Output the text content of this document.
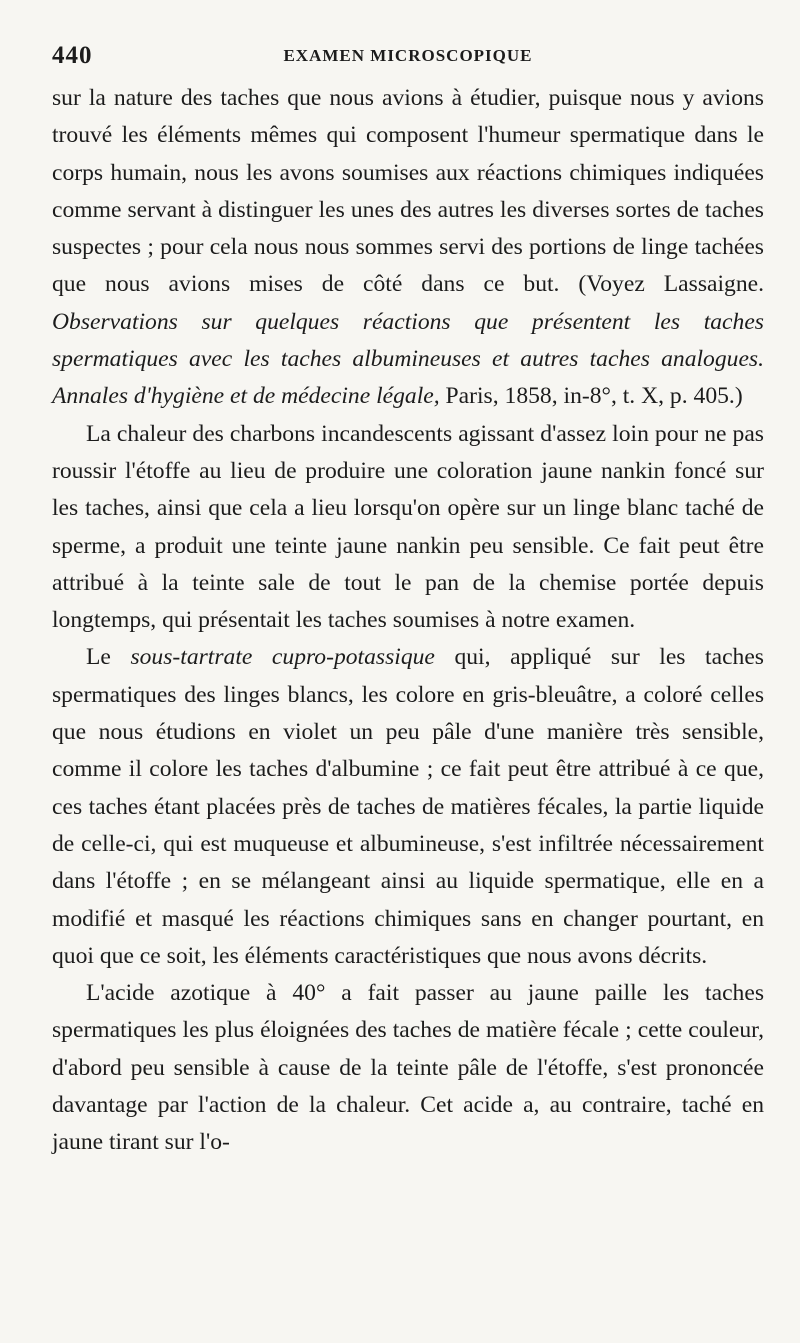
440	EXAMEN MICROSCOPIQUE

sur la nature des taches que nous avions à étudier, puisque nous y avions trouvé les éléments mêmes qui composent l'humeur spermatique dans le corps humain, nous les avons soumises aux réactions chimiques indiquées comme servant à distinguer les unes des autres les diverses sortes de taches suspectes ; pour cela nous nous sommes servi des portions de linge tachées que nous avions mises de côté dans ce but. (Voyez Lassaigne. Observations sur quelques réactions que présentent les taches spermatiques avec les taches albumineuses et autres taches analogues. Annales d'hygiène et de médecine légale, Paris, 1858, in-8°, t. X, p. 405.)

La chaleur des charbons incandescents agissant d'assez loin pour ne pas roussir l'étoffe au lieu de produire une coloration jaune nankin foncé sur les taches, ainsi que cela a lieu lorsqu'on opère sur un linge blanc taché de sperme, a produit une teinte jaune nankin peu sensible. Ce fait peut être attribué à la teinte sale de tout le pan de la chemise portée depuis longtemps, qui présentait les taches soumises à notre examen.

Le sous-tartrate cupro-potassique qui, appliqué sur les taches spermatiques des linges blancs, les colore en gris-bleuâtre, a coloré celles que nous étudions en violet un peu pâle d'une manière très sensible, comme il colore les taches d'albumine ; ce fait peut être attribué à ce que, ces taches étant placées près de taches de matières fécales, la partie liquide de celle-ci, qui est muqueuse et albumineuse, s'est infiltrée nécessairement dans l'étoffe ; en se mélangeant ainsi au liquide spermatique, elle en a modifié et masqué les réactions chimiques sans en changer pourtant, en quoi que ce soit, les éléments caractéristiques que nous avons décrits.

L'acide azotique à 40° a fait passer au jaune paille les taches spermatiques les plus éloignées des taches de matière fécale ; cette couleur, d'abord peu sensible à cause de la teinte pâle de l'étoffe, s'est prononcée davantage par l'action de la chaleur. Cet acide a, au contraire, taché en jaune tirant sur l'o-
